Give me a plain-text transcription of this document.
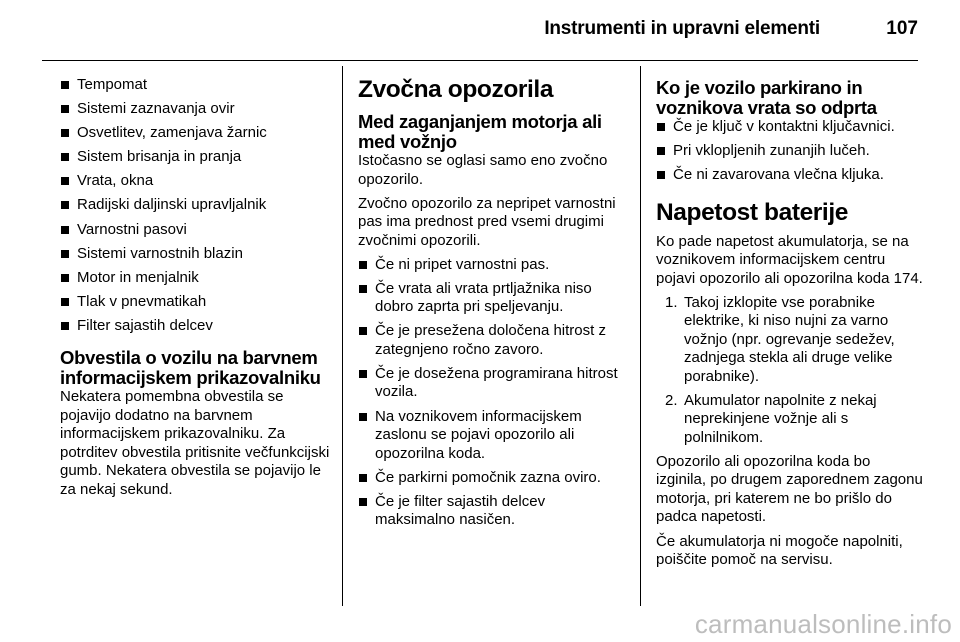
Instrumenti in upravni elementi	107
Tempomat
Sistemi zaznavanja ovir
Osvetlitev, zamenjava žarnic
Sistem brisanja in pranja
Vrata, okna
Radijski daljinski upravljalnik
Varnostni pasovi
Sistemi varnostnih blazin
Motor in menjalnik
Tlak v pnevmatikah
Filter sajastih delcev
Obvestila o vozilu na barvnem informacijskem prikazovalniku

Nekatera pomembna obvestila se pojavijo dodatno na barvnem informacijskem prikazovalniku. Za potrditev obvestila pritisnite večfunkcijski gumb. Nekatera obvestila se pojavijo le za nekaj sekund.

Zvočna opozorila
Med zaganjanjem motorja ali med vožnjo

Istočasno se oglasi samo eno zvočno opozorilo.

Zvočno opozorilo za nepripet varnostni pas ima prednost pred vsemi drugimi zvočnimi opozorili.

Če ni pripet varnostni pas.
Če vrata ali vrata prtljažnika niso dobro zaprta pri speljevanju.
Če je presežena določena hitrost z zategnjeno ročno zavoro.
Če je dosežena programirana hitrost vozila.
Na voznikovem informacijskem zaslonu se pojavi opozorilo ali opozorilna koda.
Če parkirni pomočnik zazna oviro.
Če je filter sajastih delcev maksimalno nasičen.
Ko je vozilo parkirano in voznikova vrata so odprta
Če je ključ v kontaktni ključavnici.
Pri vklopljenih zunanjih lučeh.
Če ni zavarovana vlečna kljuka.
Napetost baterije

Ko pade napetost akumulatorja, se na voznikovem informacijskem centru pojavi opozorilo ali opozorilna koda 174.

1. Takoj izklopite vse porabnike elektrike, ki niso nujni za varno vožnjo (npr. ogrevanje sedežev, zadnjega stekla ali druge velike porabnike).
2. Akumulator napolnite z nekaj neprekinjene vožnje ali s polnilnikom.

Opozorilo ali opozorilna koda bo izginila, po drugem zaporednem zagonu motorja, pri katerem ne bo prišlo do padca napetosti.

Če akumulatorja ni mogoče napolniti, poiščite pomoč na servisu.

carmanualsonline.info
